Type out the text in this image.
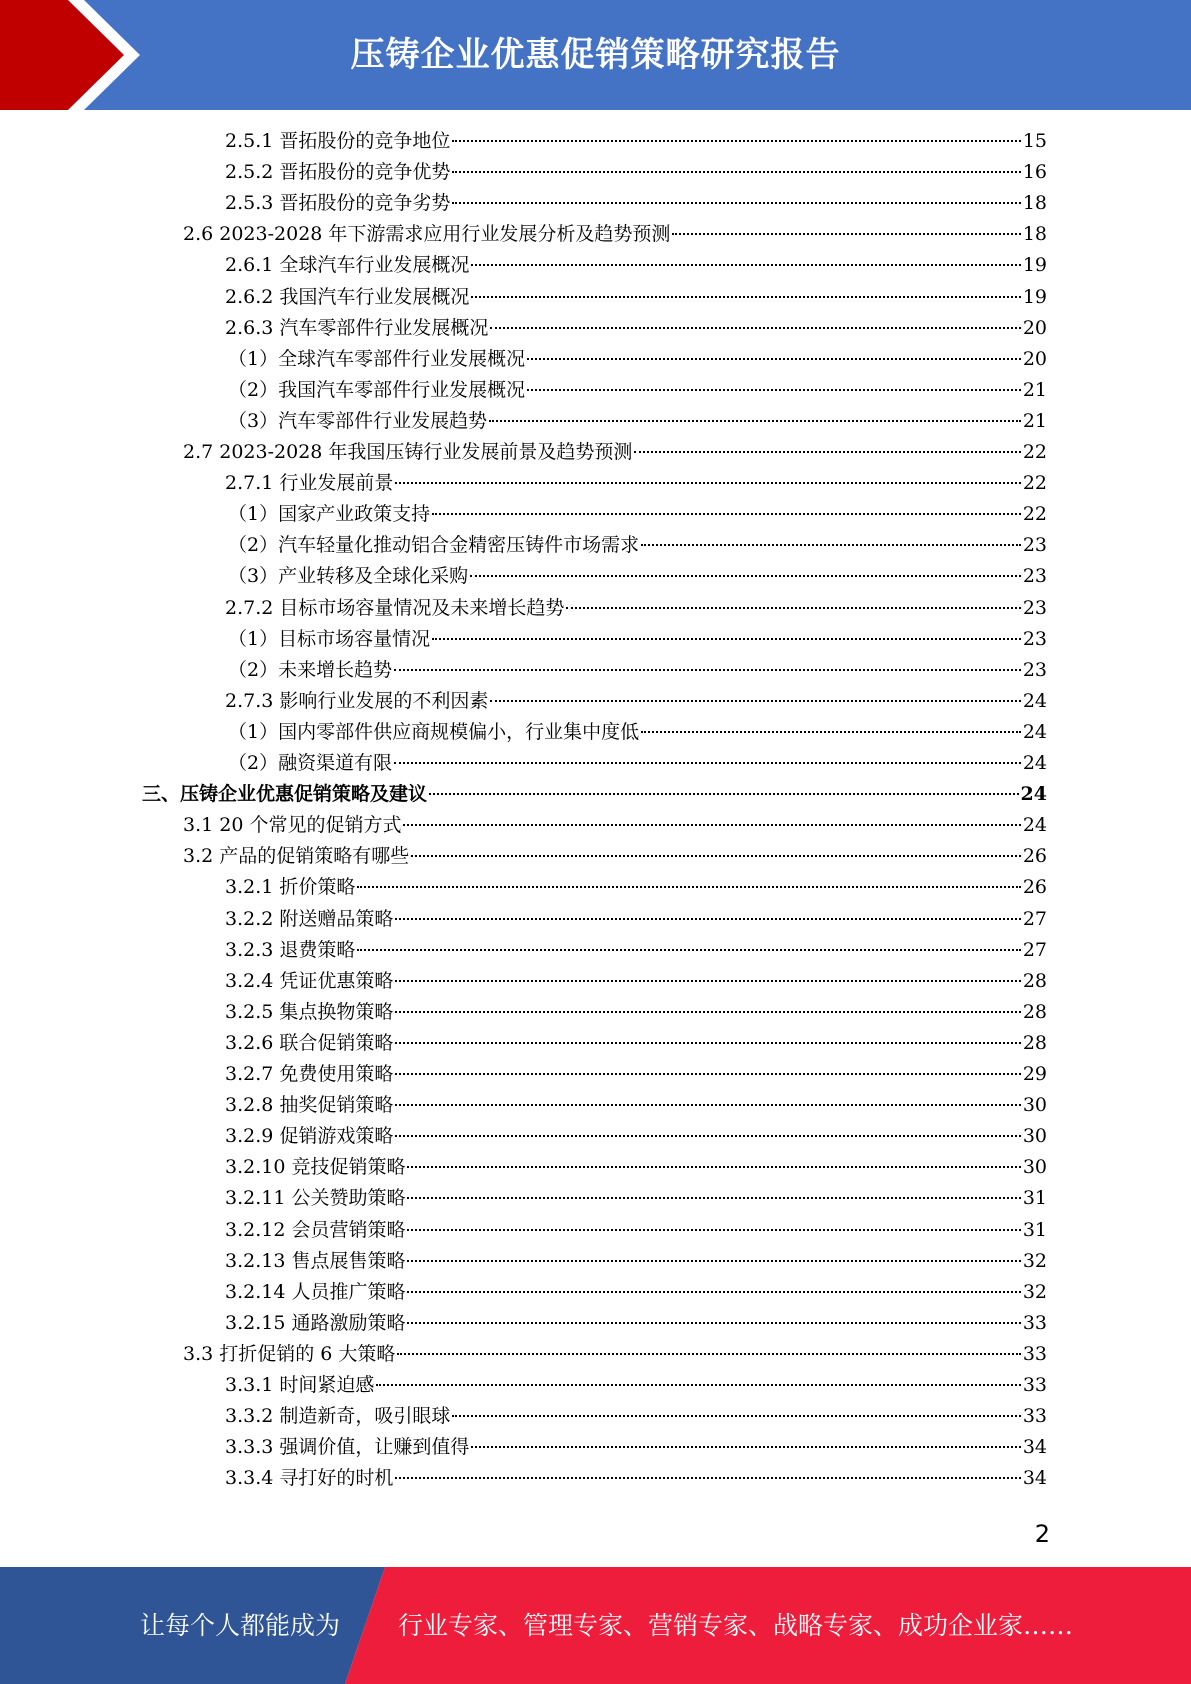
压铸企业优惠促销策略研究报告
2.5.1 晋拓股份的竞争地位	15
2.5.2 晋拓股份的竞争优势	16
2.5.3 晋拓股份的竞争劣势	18
2.6 2023-2028 年下游需求应用行业发展分析及趋势预测	18
2.6.1 全球汽车行业发展概况	19
2.6.2 我国汽车行业发展概况	19
2.6.3 汽车零部件行业发展概况	20
（1）全球汽车零部件行业发展概况	20
（2）我国汽车零部件行业发展概况	21
（3）汽车零部件行业发展趋势	21
2.7 2023-2028 年我国压铸行业发展前景及趋势预测	22
2.7.1 行业发展前景	22
（1）国家产业政策支持	22
（2）汽车轻量化推动铝合金精密压铸件市场需求	23
（3）产业转移及全球化采购	23
2.7.2 目标市场容量情况及未来增长趋势	23
（1）目标市场容量情况	23
（2）未来增长趋势	23
2.7.3 影响行业发展的不利因素	24
（1）国内零部件供应商规模偏小，行业集中度低	24
（2）融资渠道有限	24
三、压铸企业优惠促销策略及建议	24
3.1 20 个常见的促销方式	24
3.2 产品的促销策略有哪些	26
3.2.1 折价策略	26
3.2.2 附送赠品策略	27
3.2.3 退费策略	27
3.2.4 凭证优惠策略	28
3.2.5 集点换物策略	28
3.2.6 联合促销策略	28
3.2.7 免费使用策略	29
3.2.8 抽奖促销策略	30
3.2.9 促销游戏策略	30
3.2.10 竞技促销策略	30
3.2.11 公关赞助策略	31
3.2.12 会员营销策略	31
3.2.13 售点展售策略	32
3.2.14 人员推广策略	32
3.2.15 通路激励策略	33
3.3 打折促销的 6 大策略	33
3.3.1 时间紧迫感	33
3.3.2 制造新奇，吸引眼球	33
3.3.3 强调价值，让赚到值得	34
3.3.4 寻打好的时机	34
2
让每个人都能成为 行业专家、管理专家、营销专家、战略专家、成功企业家……
